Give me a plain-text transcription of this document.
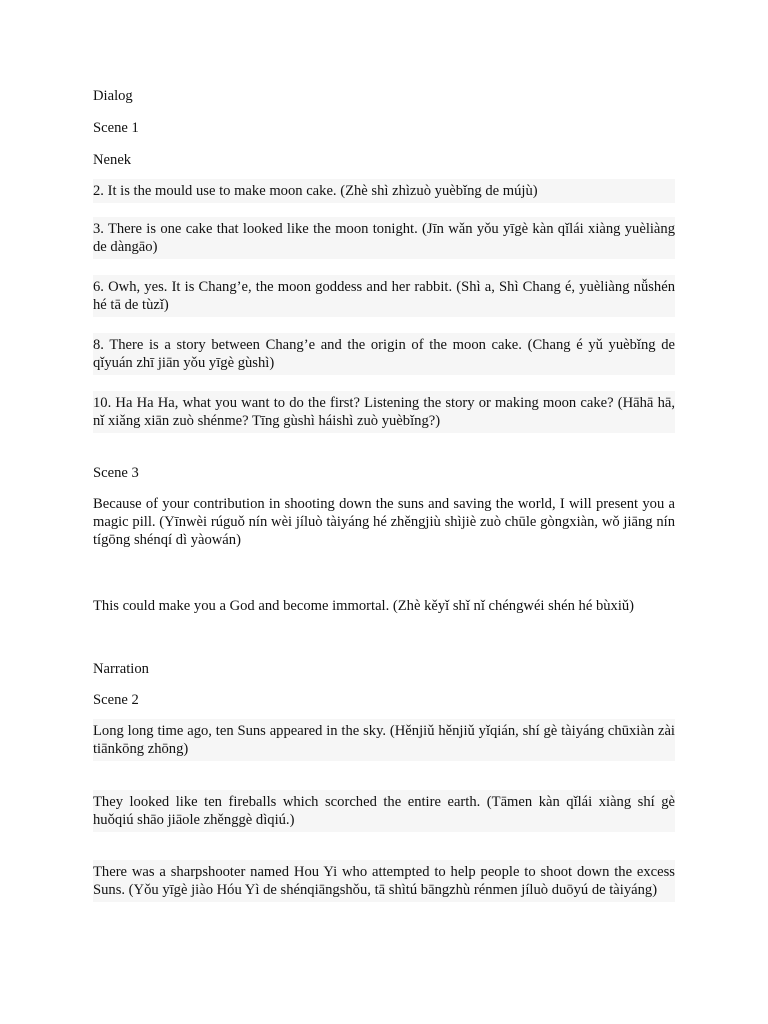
Dialog
Scene 1
Nenek
2. It is the mould use to make moon cake. (Zhè shì zhìzuò yuèbǐng de mújù)
3. There is one cake that looked like the moon tonight. (Jīn wǎn yǒu yīgè kàn qǐlái xiàng yuèliàng de dàngāo)
6. Owh, yes. It is Chang’e, the moon goddess and her rabbit. (Shì a, Shì Chang é, yuèliàng nǚshén hé tā de tùzǐ)
8. There is a story between Chang’e and the origin of the moon cake. (Chang é yǔ yuèbǐng de qǐyuán zhī jiān yǒu yīgè gùshì)
10. Ha Ha Ha, what you want to do the first? Listening the story or making moon cake? (Hāhā hā, nǐ xiǎng xiān zuò shénme? Tīng gùshì háishì zuò yuèbǐng?)
Scene 3
Because of your contribution in shooting down the suns and saving the world, I will present you a magic pill. (Yīnwèi rúguǒ nín wèi jíluò tàiyáng hé zhěngjiù shìjiè zuò chūle gòngxiàn, wǒ jiāng nín tígōng shénqí dì yàowán)
This could make you a God and become immortal. (Zhè kěyǐ shǐ nǐ chéngwéi shén hé bùxiǔ)
Narration
Scene 2
Long long time ago, ten Suns appeared in the sky. (Hěnjiǔ hěnjiǔ yǐqián, shí gè tàiyáng chūxiàn zài tiānkōng zhōng)
They looked like ten fireballs which scorched the entire earth. (Tāmen kàn qǐlái xiàng shí gè huǒqiú shāo jiāole zhěnggè dìqiú.)
There was a sharpshooter named Hou Yi who attempted to help people to shoot down the excess Suns. (Yǒu yīgè jiào Hóu Yì de shénqiāngshǒu, tā shìtú bāngzhù rénmen jíluò duōyú de tàiyáng)
